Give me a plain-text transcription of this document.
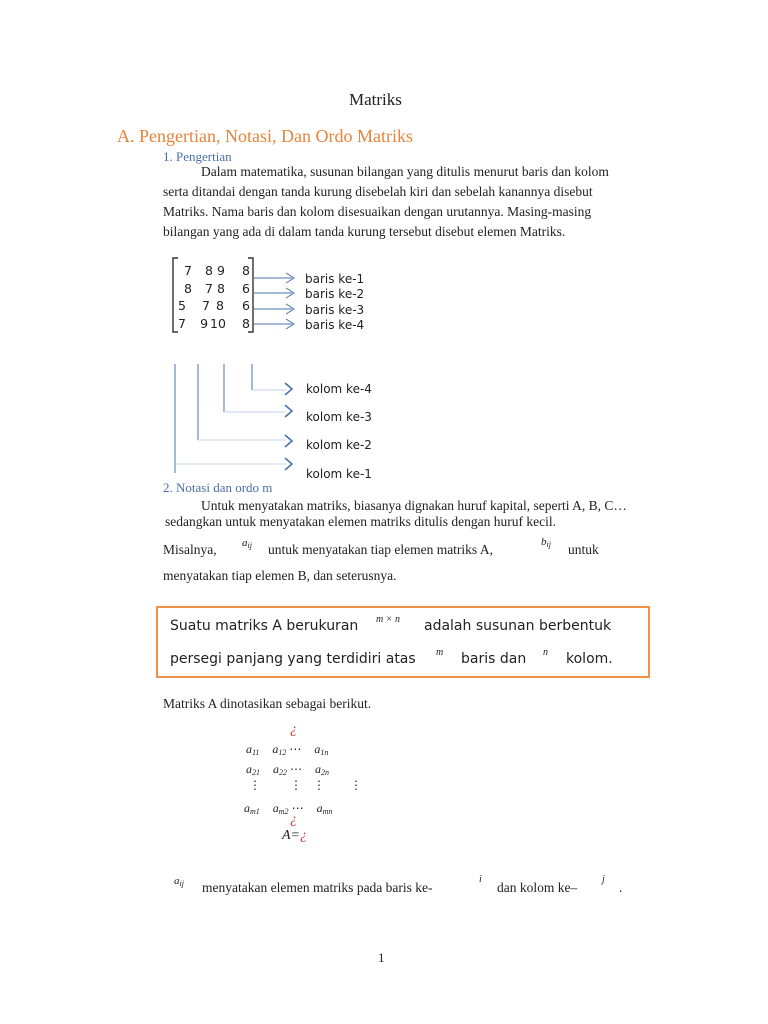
Matriks
A. Pengertian, Notasi, Dan Ordo Matriks
1. Pengertian
Dalam matematika, susunan bilangan yang ditulis menurut baris dan kolom
serta ditandai dengan tanda kurung disebelah kiri dan sebelah kanannya disebut
Matriks. Nama baris dan kolom disesuaikan dengan urutannya. Masing-masing
bilangan yang ada di dalam tanda kurung tersebut disebut elemen Matriks.
7 8 9	8
8 7 8	6
5 7 8	6
7 9 10	8
baris ke-1
baris ke-2
baris ke-3
baris ke-4
kolom ke-4
kolom ke-3
kolom ke-2
kolom ke-1
2. Notasi dan ordo m
Untuk menyatakan matriks, biasanya dignakan huruf kapital, seperti A, B, C…
sedangkan untuk menyatakan elemen matriks ditulis dengan huruf kecil.
Misalnya, aij untuk menyatakan tiap elemen matriks A,	bij untuk
menyatakan tiap elemen B, dan seterusnya.
Suatu matriks A berukuran m × n adalah susunan berbentuk
persegi panjang yang terdidiri atas m baris dan n kolom.
Matriks A dinotasikan sebagai berikut.
¿
a11 a12 ⋯ a1n
a21 a22 ⋯ a2n
⋮ ⋮ ⋮ ⋮
am1 am2 ⋯ amn
¿
A=¿
aij menyatakan elemen matriks pada baris ke-
i
dan kolom ke–
j
.
1
